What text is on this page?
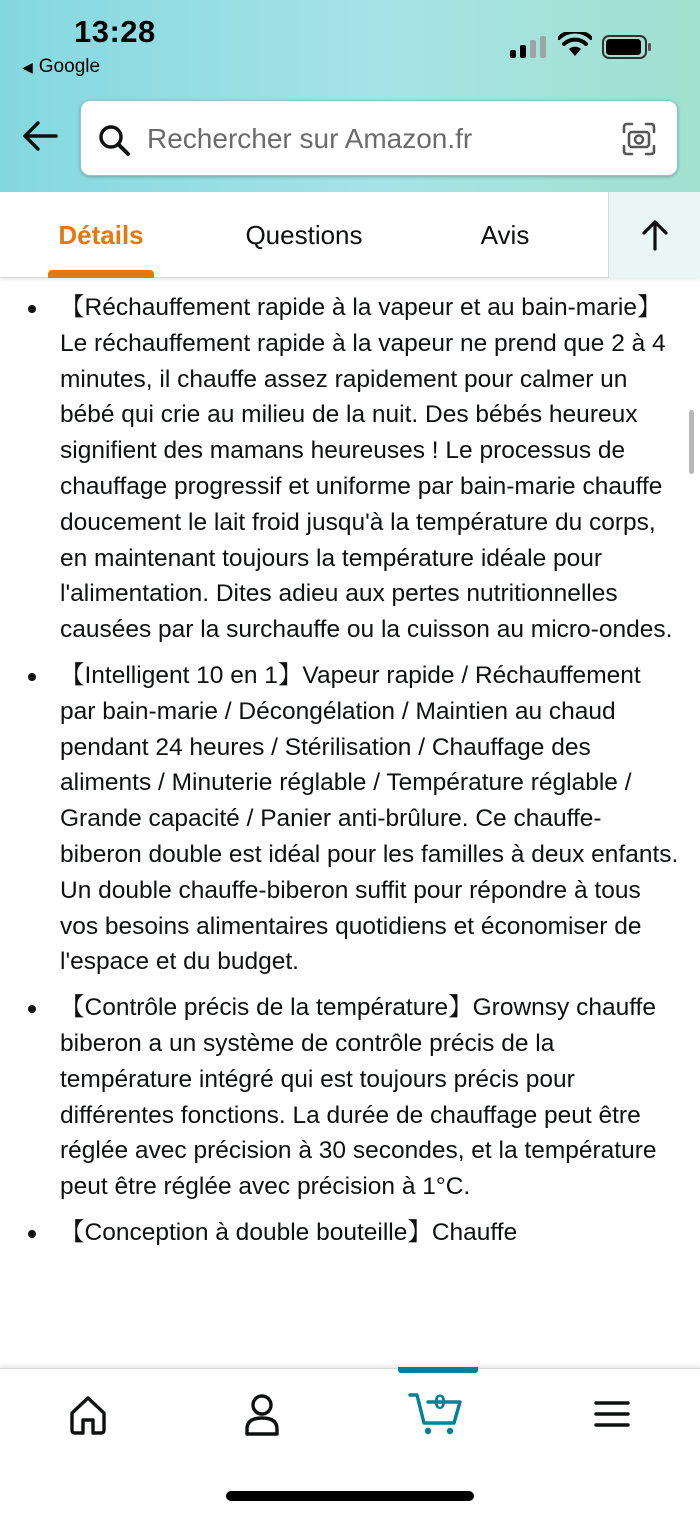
13:28
◀ Google
Rechercher sur Amazon.fr
Détails	Questions	Avis
【Réchauffement rapide à la vapeur et au bain-marie】Le réchauffement rapide à la vapeur ne prend que 2 à 4 minutes, il chauffe assez rapidement pour calmer un bébé qui crie au milieu de la nuit. Des bébés heureux signifient des mamans heureuses ! Le processus de chauffage progressif et uniforme par bain-marie chauffe doucement le lait froid jusqu'à la température du corps, en maintenant toujours la température idéale pour l'alimentation. Dites adieu aux pertes nutritionnelles causées par la surchauffe ou la cuisson au micro-ondes.
【Intelligent 10 en 1】Vapeur rapide / Réchauffement par bain-marie / Décongélation / Maintien au chaud pendant 24 heures / Stérilisation / Chauffage des aliments / Minuterie réglable / Température réglable / Grande capacité / Panier anti-brûlure. Ce chauffe-biberon double est idéal pour les familles à deux enfants. Un double chauffe-biberon suffit pour répondre à tous vos besoins alimentaires quotidiens et économiser de l'espace et du budget.
【Contrôle précis de la température】Grownsy chauffe biberon a un système de contrôle précis de la température intégré qui est toujours précis pour différentes fonctions. La durée de chauffage peut être réglée avec précision à 30 secondes, et la température peut être réglée avec précision à 1°C.
【Conception à double bouteille】Chauffe
0
